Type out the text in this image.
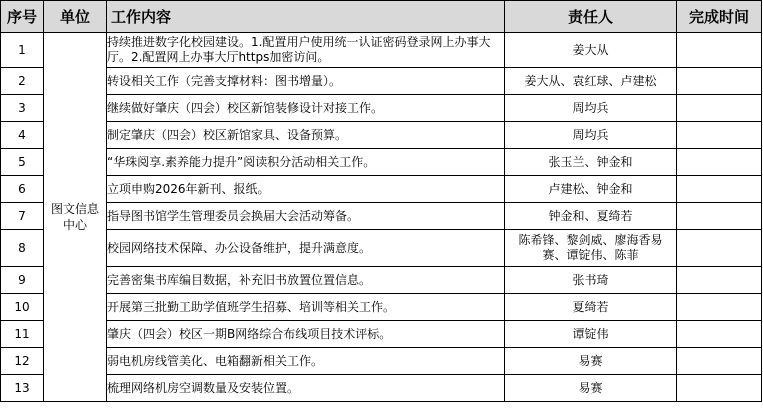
序号	单位	工作内容	责任人	完成时间
1	图文信息中心	持续推进数字化校园建设。1.配置用户使用统一认证密码登录网上办事大厅。2.配置网上办事大厅https加密访问。	姜大从	
2		转设相关工作（完善支撑材料：图书增量）。	姜大从、袁红球、卢建松	
3		继续做好肇庆（四会）校区新馆装修设计对接工作。	周均兵	
4		制定肇庆（四会）校区新馆家具、设备预算。	周均兵	
5		“华珠阅享.素养能力提升”阅读积分活动相关工作。	张玉兰、钟金和	
6		立项申购2026年新刊、报纸。	卢建松、钟金和	
7		指导图书馆学生管理委员会换届大会活动筹备。	钟金和、夏绮若	
8		校园网络技术保障、办公设备维护，提升满意度。	陈希锋、黎剑威、廖海香易赛、谭锭伟、陈菲	
9		完善密集书库编目数据，补充旧书放置位置信息。	张书琦	
10		开展第三批勤工助学值班学生招募、培训等相关工作。	夏绮若	
11		肇庆（四会）校区一期B网络综合布线项目技术评标。	谭锭伟	
12		弱电机房线管美化、电箱翻新相关工作。	易赛	
13		梳理网络机房空调数量及安装位置。	易赛	
